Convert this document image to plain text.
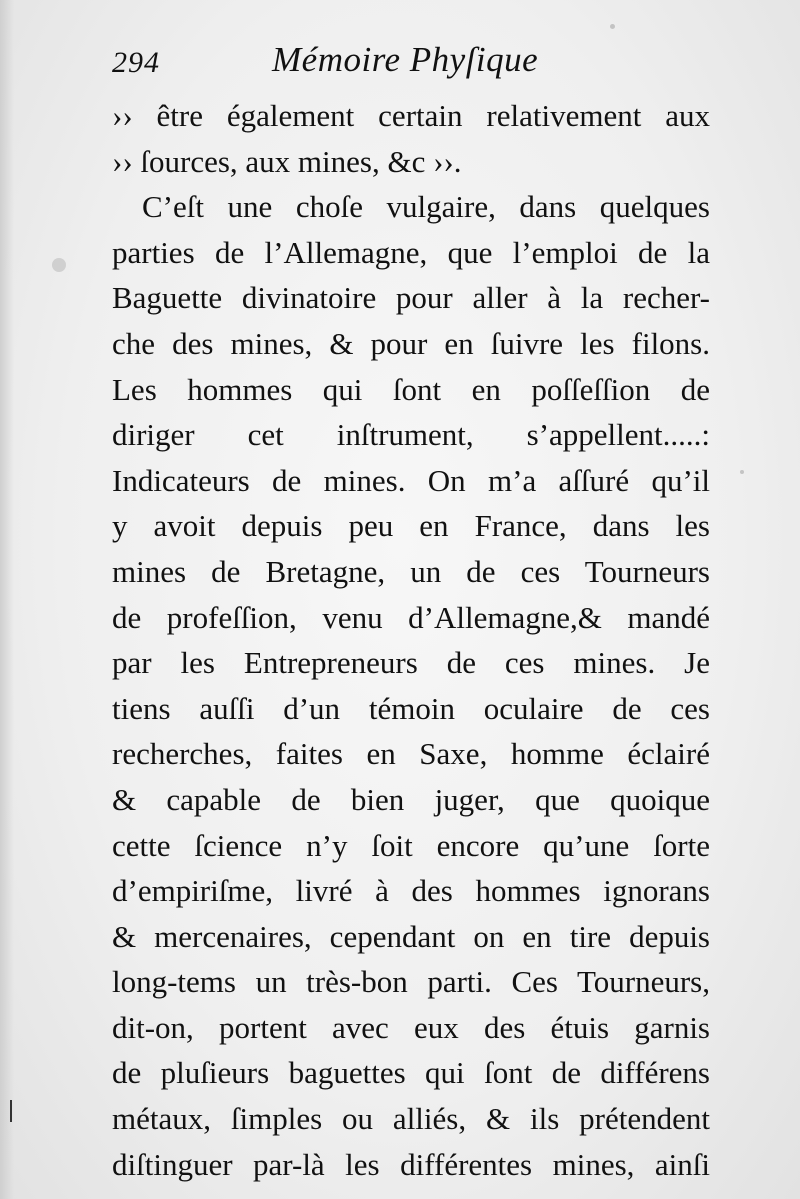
294	Mémoire Phyſique
›› être également certain relativement aux
›› ſources, aux mines, &c ››.
C’eſt une choſe vulgaire, dans quelques
parties de l’Allemagne, que l’emploi de la
Baguette divinatoire pour aller à la recher-
che des mines, & pour en ſuivre les filons.
Les hommes qui ſont en poſſeſſion de
diriger cet inſtrument, s’appellent.....:
Indicateurs de mines. On m’a aſſuré qu’il
y avoit depuis peu en France, dans les
mines de Bretagne, un de ces Tourneurs
de profeſſion, venu d’Allemagne,& mandé
par les Entrepreneurs de ces mines. Je
tiens auſſi d’un témoin oculaire de ces
recherches, faites en Saxe, homme éclairé
& capable de bien juger, que quoique
cette ſcience n’y ſoit encore qu’une ſorte
d’empiriſme, livré à des hommes ignorans
& mercenaires, cependant on en tire depuis
long-tems un très-bon parti. Ces Tourneurs,
dit-on, portent avec eux des étuis garnis
de pluſieurs baguettes qui ſont de différens
métaux, ſimples ou alliés, & ils prétendent
diſtinguer par-là les différentes mines, ainſi
